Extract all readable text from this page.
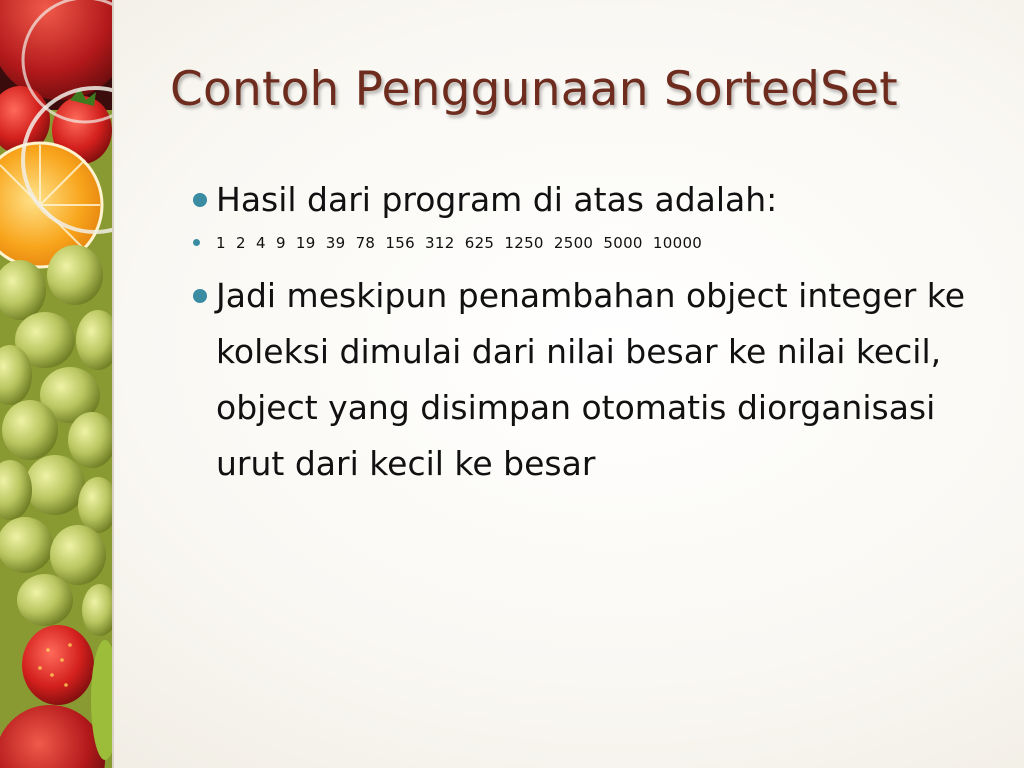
Contoh Penggunaan SortedSet
Hasil dari program di atas adalah:
1  2  4  9  19  39  78  156  312  625  1250  2500  5000  10000
Jadi meskipun penambahan object integer ke koleksi dimulai dari nilai besar ke nilai kecil, object yang disimpan otomatis diorganisasi urut dari kecil ke besar
